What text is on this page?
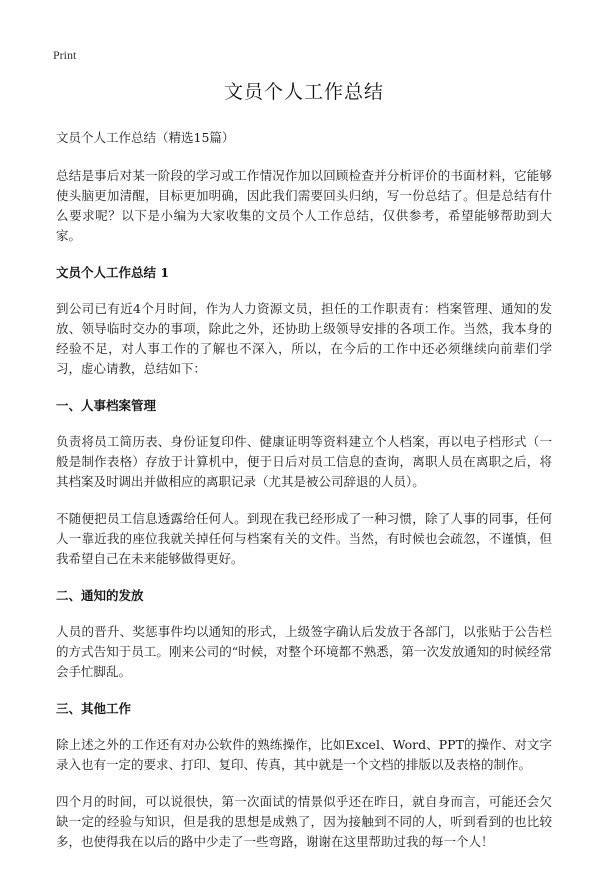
Print
文员个人工作总结
文员个人工作总结（精选15篇）

总结是事后对某一阶段的学习或工作情况作加以回顾检查并分析评价的书面材料，它能够使头脑更加清醒，目标更加明确，因此我们需要回头归纳，写一份总结了。但是总结有什么要求呢？以下是小编为大家收集的文员个人工作总结，仅供参考，希望能够帮助到大家。

文员个人工作总结 1

到公司已有近4个月时间，作为人力资源文员，担任的工作职责有：档案管理、通知的发放、领导临时交办的事项，除此之外，还协助上级领导安排的各项工作。当然，我本身的经验不足，对人事工作的了解也不深入，所以，在今后的工作中还必须继续向前辈们学习，虚心请教，总结如下：

一、人事档案管理

负责将员工简历表、身份证复印件、健康证明等资料建立个人档案，再以电子档形式（一般是制作表格）存放于计算机中，便于日后对员工信息的查询，离职人员在离职之后，将其档案及时调出并做相应的离职记录（尤其是被公司辞退的人员）。

不随便把员工信息透露给任何人。到现在我已经形成了一种习惯，除了人事的同事，任何人一靠近我的座位我就关掉任何与档案有关的文件。当然，有时候也会疏忽，不谨慎，但我希望自己在未来能够做得更好。

二、通知的发放

人员的晋升、奖惩事件均以通知的形式，上级签字确认后发放于各部门，以张贴于公告栏的方式告知于员工。刚来公司的“时候，对整个环境都不熟悉，第一次发放通知的时候经常会手忙脚乱。

三、其他工作

除上述之外的工作还有对办公软件的熟练操作，比如Excel、Word、PPT的操作、对文字录入也有一定的要求、打印、复印、传真，其中就是一个文档的排版以及表格的制作。

四个月的时间，可以说很快，第一次面试的情景似乎还在昨日，就自身而言，可能还会欠缺一定的经验与知识，但是我的思想是成熟了，因为接触到不同的人，听到看到的也比较多，也使得我在以后的路中少走了一些弯路，谢谢在这里帮助过我的每一个人！
